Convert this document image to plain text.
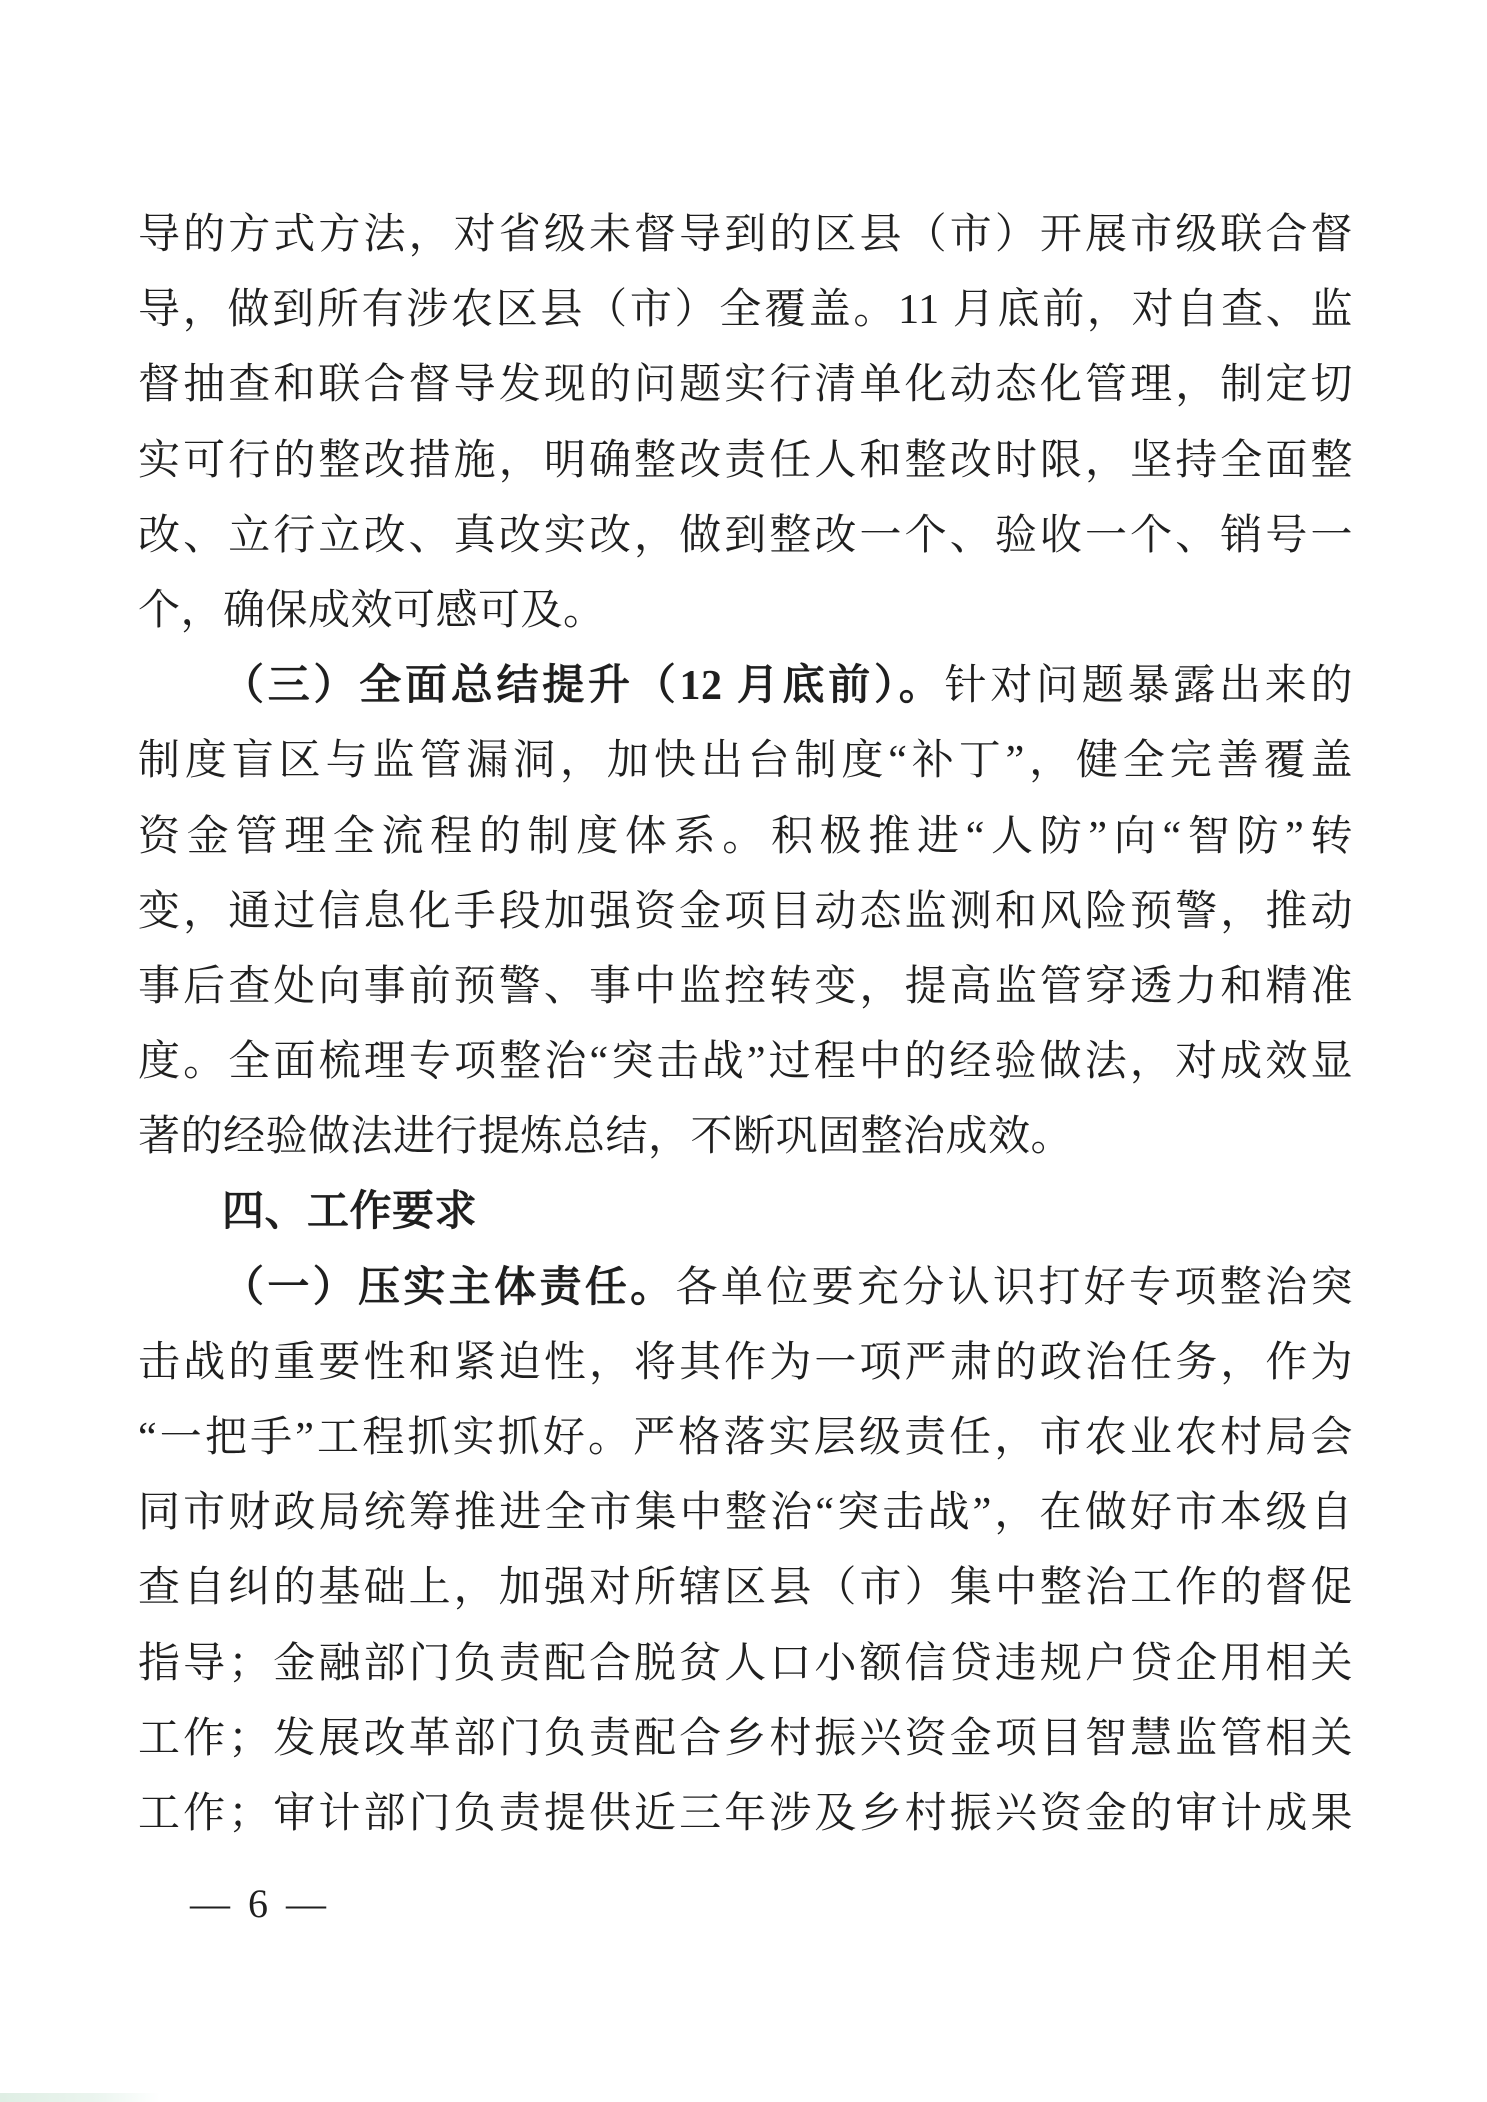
导的方式方法，对省级未督导到的区县（市）开展市级联合督
导，做到所有涉农区县（市）全覆盖。11 月底前，对自查、监
督抽查和联合督导发现的问题实行清单化动态化管理，制定切
实可行的整改措施，明确整改责任人和整改时限，坚持全面整
改、立行立改、真改实改，做到整改一个、验收一个、销号一
个，确保成效可感可及。
（三）全面总结提升（12 月底前）。针对问题暴露出来的
制度盲区与监管漏洞，加快出台制度“补丁”，健全完善覆盖
资金管理全流程的制度体系。积极推进“人防”向“智防”转
变，通过信息化手段加强资金项目动态监测和风险预警，推动
事后查处向事前预警、事中监控转变，提高监管穿透力和精准
度。全面梳理专项整治“突击战”过程中的经验做法，对成效显
著的经验做法进行提炼总结，不断巩固整治成效。
四、工作要求
（一）压实主体责任。各单位要充分认识打好专项整治突
击战的重要性和紧迫性，将其作为一项严肃的政治任务，作为
“一把手”工程抓实抓好。严格落实层级责任，市农业农村局会
同市财政局统筹推进全市集中整治“突击战”，在做好市本级自
查自纠的基础上，加强对所辖区县（市）集中整治工作的督促
指导；金融部门负责配合脱贫人口小额信贷违规户贷企用相关
工作；发展改革部门负责配合乡村振兴资金项目智慧监管相关
工作；审计部门负责提供近三年涉及乡村振兴资金的审计成果
— 6 —
